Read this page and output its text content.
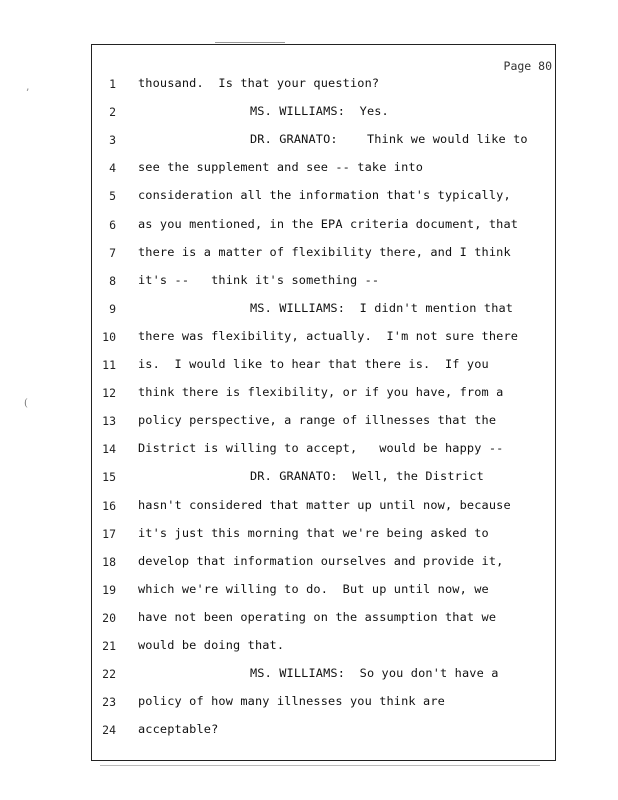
Page 80
1 thousand.  Is that your question?
2	MS. WILLIAMS:  Yes.
3	DR. GRANATO:    Think we would like to
4 see the supplement and see -- take into
5 consideration all the information that's typically,
6 as you mentioned, in the EPA criteria document, that
7 there is a matter of flexibility there, and I think
8 it's --   think it's something --
9	MS. WILLIAMS:  I didn't mention that
10 there was flexibility, actually.  I'm not sure there
11 is.  I would like to hear that there is.  If you
12 think there is flexibility, or if you have, from a
13 policy perspective, a range of illnesses that the
14 District is willing to accept,   would be happy --
15	DR. GRANATO:  Well, the District
16 hasn't considered that matter up until now, because
17 it's just this morning that we're being asked to
18 develop that information ourselves and provide it,
19 which we're willing to do.  But up until now, we
20 have not been operating on the assumption that we
21 would be doing that.
22	MS. WILLIAMS:  So you don't have a
23 policy of how many illnesses you think are
24 acceptable?
’
(
